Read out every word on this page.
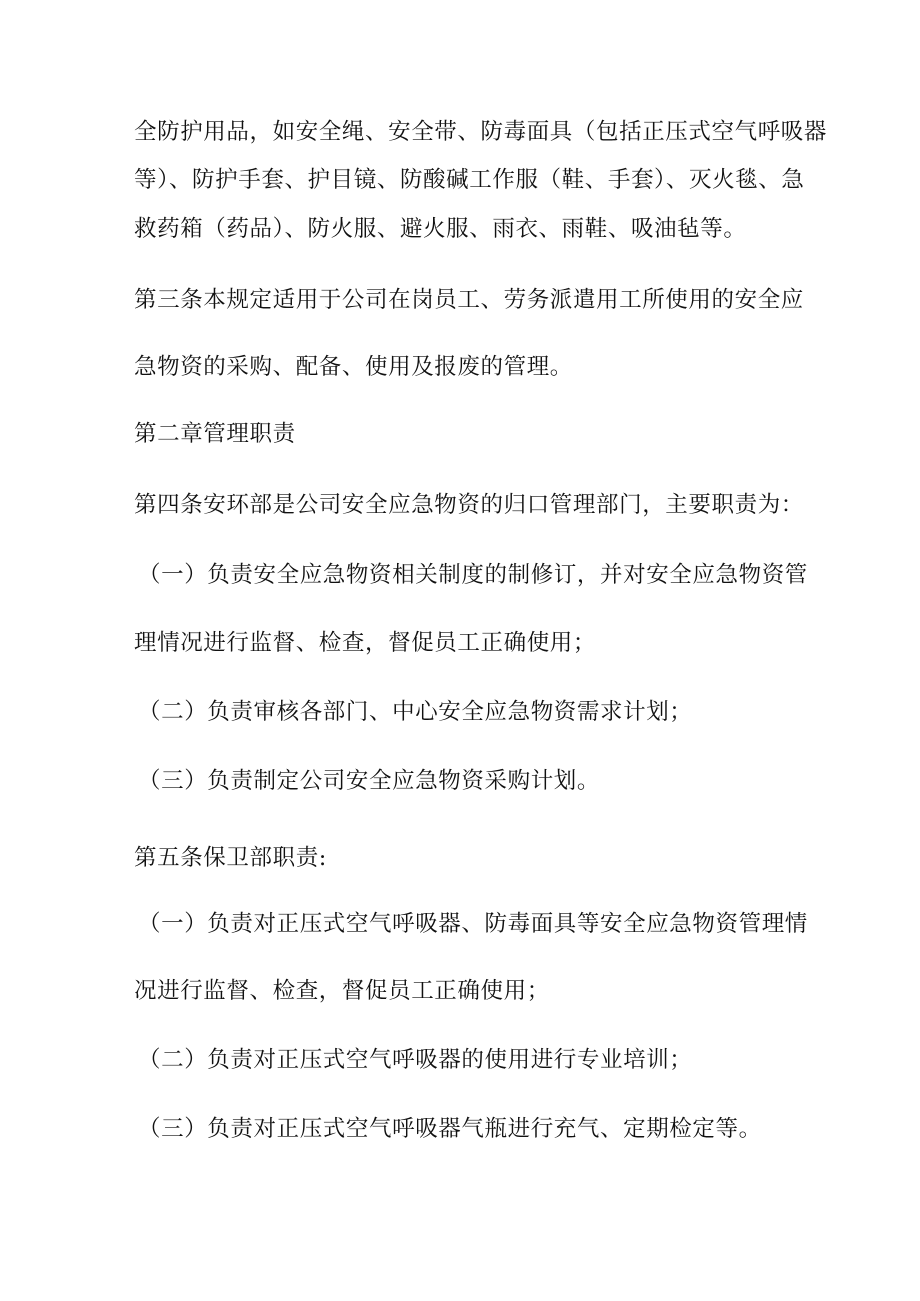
全防护用品，如安全绳、安全带、防毒面具（包括正压式空气呼吸器
等）、防护手套、护目镜、防酸碱工作服（鞋、手套）、灭火毯、急
救药箱（药品）、防火服、避火服、雨衣、雨鞋、吸油毡等。
第三条本规定适用于公司在岗员工、劳务派遣用工所使用的安全应
急物资的采购、配备、使用及报废的管理。
第二章管理职责
第四条安环部是公司安全应急物资的归口管理部门，主要职责为：
（一）负责安全应急物资相关制度的制修订，并对安全应急物资管
理情况进行监督、检查，督促员工正确使用；
（二）负责审核各部门、中心安全应急物资需求计划；
（三）负责制定公司安全应急物资采购计划。
第五条保卫部职责:
（一）负责对正压式空气呼吸器、防毒面具等安全应急物资管理情
况进行监督、检查，督促员工正确使用；
（二）负责对正压式空气呼吸器的使用进行专业培训；
（三）负责对正压式空气呼吸器气瓶进行充气、定期检定等。
